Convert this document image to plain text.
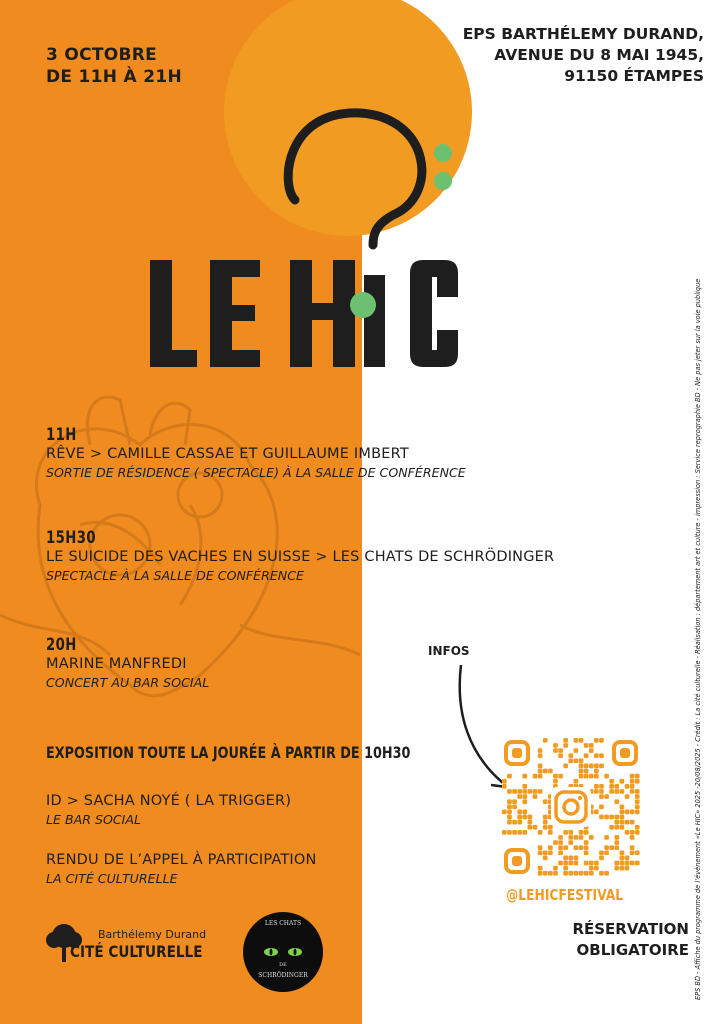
3 OCTOBRE
DE 11H À 21H
EPS BARTHÉLEMY DURAND,
AVENUE DU 8 MAI 1945,
91150 ÉTAMPES
11H
RÊVE > CAMILLE CASSAE ET GUILLAUME IMBERT
SORTIE DE RÉSIDENCE ( SPECTACLE) À LA SALLE DE CONFÉRENCE
15H30
LE SUICIDE DES VACHES EN SUISSE > LES CHATS DE SCHRÖDINGER
SPECTACLE À LA SALLE DE CONFÉRENCE
20H
MARINE MANFREDI
CONCERT AU BAR SOCIAL
EXPOSITION TOUTE LA JOURÉE À PARTIR DE 10H30
ID > SACHA NOYÉ ( LA TRIGGER)
LE BAR SOCIAL
RENDU DE L’APPEL À PARTICIPATION
LA CITÉ CULTURELLE
INFOS
@LEHICFESTIVAL
RÉSERVATION
OBLIGATOIRE
Barthélemy Durand
CITÉ CULTURELLE
LES CHATS
DE
SCHRÖDINGER	EPS BD - Affiche du programme de l’évènement «Le HIC» 2025 -20/08/2025 - Crédit : La cité culturelle - Réalisation : département art et culture - impression : Service reprographie BD - Ne pas jeter sur la voie publique
